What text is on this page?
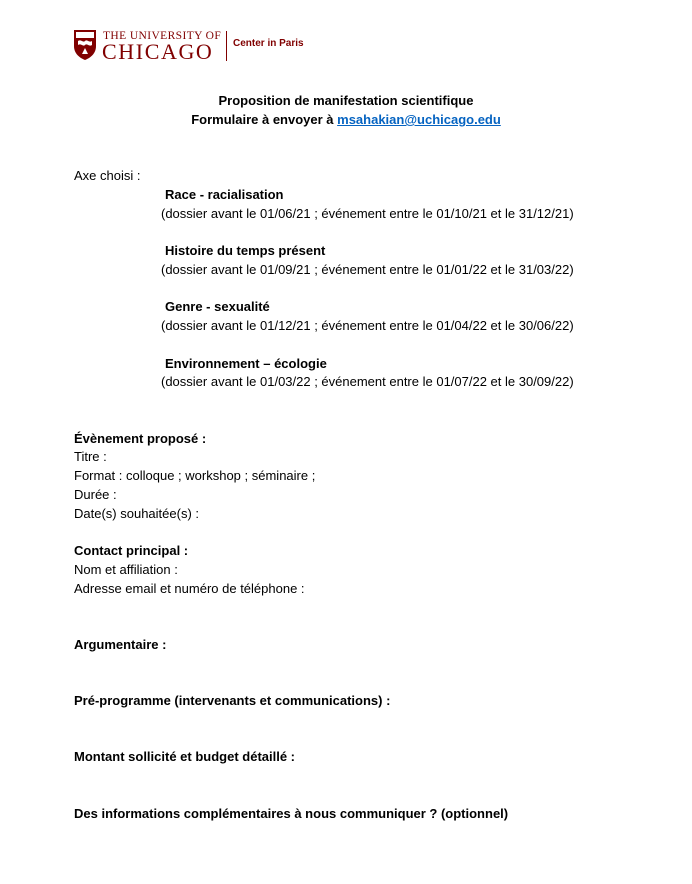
THE UNIVERSITY OF
CHICAGO Center in Paris
Proposition de manifestation scientifique
Formulaire à envoyer à msahakian@uchicago.edu
Axe choisi :
Race - racialisation
(dossier avant le 01/06/21 ; événement entre le 01/10/21 et le 31/12/21)
Histoire du temps présent
(dossier avant le 01/09/21 ; événement entre le 01/01/22 et le 31/03/22)
Genre - sexualité
(dossier avant le 01/12/21 ; événement entre le 01/04/22 et le 30/06/22)
Environnement – écologie
(dossier avant le 01/03/22 ; événement entre le 01/07/22 et le 30/09/22)
Évènement proposé :
Titre :
Format : colloque ; workshop ; séminaire ;
Durée :
Date(s) souhaitée(s) :
Contact principal :
Nom et affiliation :
Adresse email et numéro de téléphone :
Argumentaire :
Pré-programme (intervenants et communications) :
Montant sollicité et budget détaillé :
Des informations complémentaires à nous communiquer ? (optionnel)
